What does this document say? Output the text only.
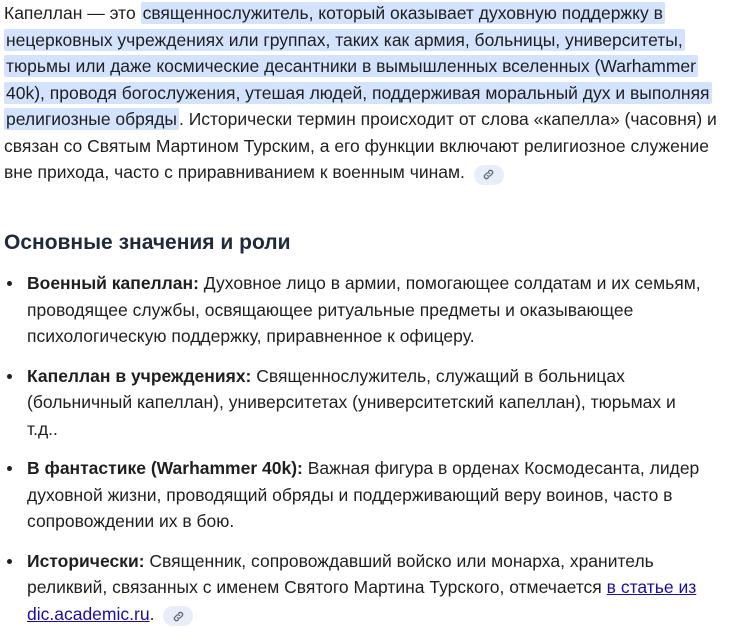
Капеллан — это священнослужитель, который оказывает духовную поддержку в нецерковных учреждениях или группах, таких как армия, больницы, университеты, тюрьмы или даже космические десантники в вымышленных вселенных (Warhammer 40k), проводя богослужения, утешая людей, поддерживая моральный дух и выполняя религиозные обряды . Исторически термин происходит от слова «капелла» (часовня) и связан со Святым Мартином Турским, а его функции включают религиозное служение вне прихода, часто с приравниванием к военным чинам.

Основные значения и роли
Военный капеллан: Духовное лицо в армии, помогающее солдатам и их семьям, проводящее службы, освящающее ритуальные предметы и оказывающее психологическую поддержку, приравненное к офицеру.
Капеллан в учреждениях: Священнослужитель, служащий в больницах (больничный капеллан), университетах (университетский капеллан), тюрьмах и т.д..
В фантастике (Warhammer 40k): Важная фигура в орденах Космодесанта, лидер духовной жизни, проводящий обряды и поддерживающий веру воинов, часто в сопровождении их в бою.
Исторически: Священник, сопровождавший войско или монарха, хранитель реликвий, связанных с именем Святого Мартина Турского, отмечается в статье из dic.academic.ru.
